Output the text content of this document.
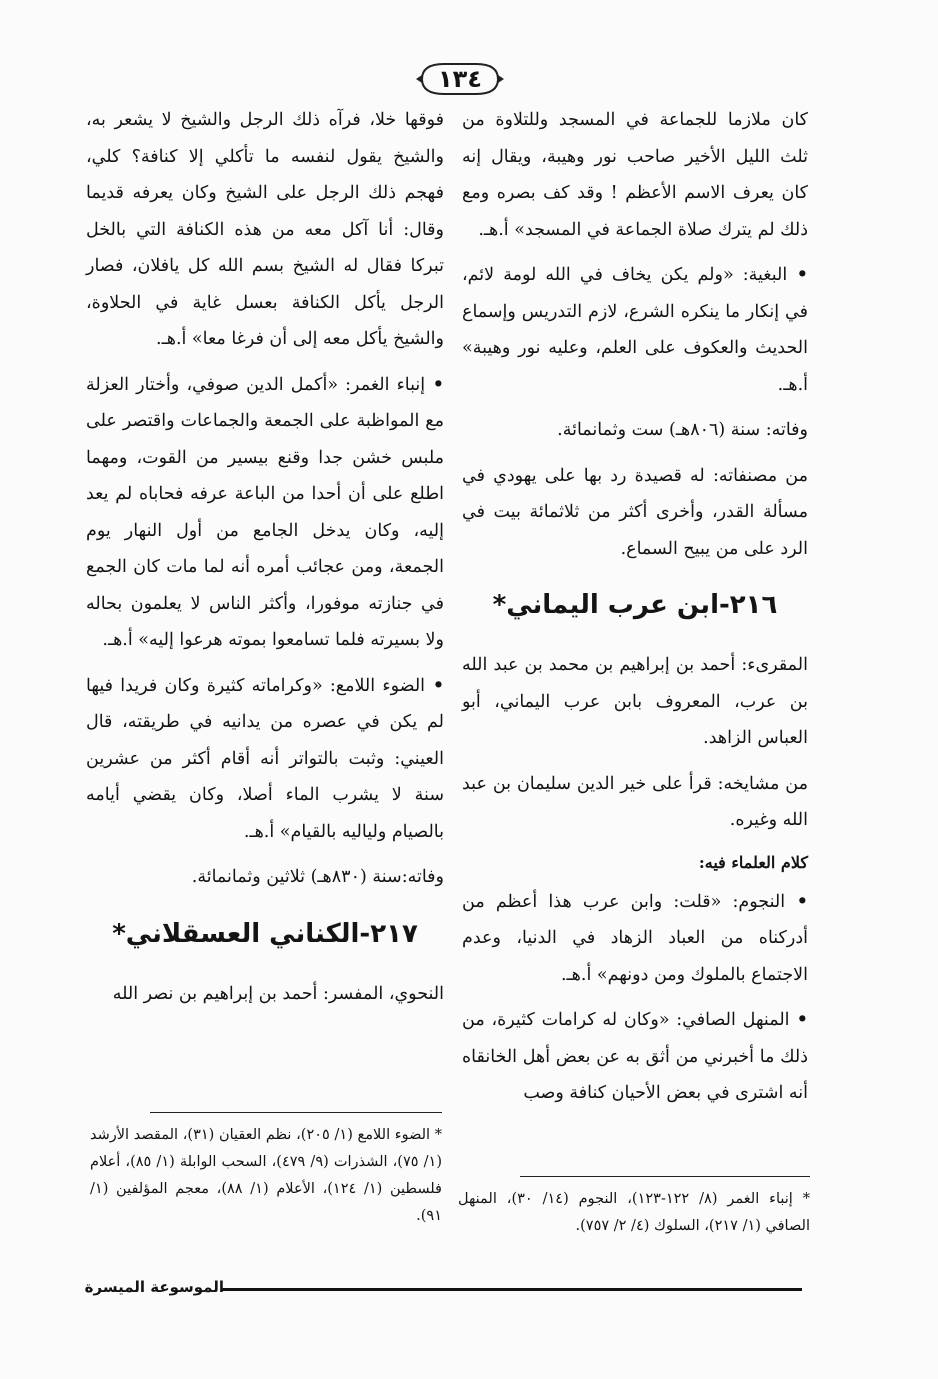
١٣٤

كان ملازما للجماعة في المسجد وللتلاوة من ثلث الليل الأخير صاحب نور وهيبة، ويقال إنه كان يعرف الاسم الأعظم ! وقد كف بصره ومع ذلك لم يترك صلاة الجماعة في المسجد» أ.هـ.

• البغية: «ولم يكن يخاف في الله لومة لائم، في إنكار ما ينكره الشرع، لازم التدريس وإسماع الحديث والعكوف على العلم، وعليه نور وهيبة» أ.هـ.

وفاته: سنة (٨٠٦هـ) ست وثمانمائة.

من مصنفاته: له قصيدة رد بها على يهودي في مسألة القدر، وأخرى أكثر من ثلاثمائة بيت في الرد على من يبيح السماع.

٢١٦-ابن عرب اليماني*

المقرىء: أحمد بن إبراهيم بن محمد بن عبد الله بن عرب، المعروف بابن عرب اليماني، أبو العباس الزاهد.

من مشايخه: قرأ على خير الدين سليمان بن عبد الله وغيره.

كلام العلماء فيه:

• النجوم: «قلت: وابن عرب هذا أعظم من أدركناه من العباد الزهاد في الدنيا، وعدم الاجتماع بالملوك ومن دونهم» أ.هـ.

• المنهل الصافي: «وكان له كرامات كثيرة، من ذلك ما أخبرني من أثق به عن بعض أهل الخانقاه أنه اشترى في بعض الأحيان كنافة وصب

فوقها خلا، فرآه ذلك الرجل والشيخ لا يشعر به، والشيخ يقول لنفسه ما تأكلي إلا كنافة؟ كلي، فهجم ذلك الرجل على الشيخ وكان يعرفه قديما وقال: أنا آكل معه من هذه الكنافة التي بالخل تبركا فقال له الشيخ بسم الله كل يافلان، فصار الرجل يأكل الكنافة بعسل غاية في الحلاوة، والشيخ يأكل معه إلى أن فرغا معا» أ.هـ.

• إنباء الغمر: «أكمل الدين صوفي، وأختار العزلة مع المواظبة على الجمعة والجماعات واقتصر على ملبس خشن جدا وقنع بيسير من القوت، ومهما اطلع على أن أحدا من الباعة عرفه فحاباه لم يعد إليه، وكان يدخل الجامع من أول النهار يوم الجمعة، ومن عجائب أمره أنه لما مات كان الجمع في جنازته موفورا، وأكثر الناس لا يعلمون بحاله ولا بسيرته فلما تسامعوا بموته هرعوا إليه» أ.هـ.

• الضوء اللامع: «وكراماته كثيرة وكان فريدا فيها لم يكن في عصره من يدانيه في طريقته، قال العيني: وثبت بالتواتر أنه أقام أكثر من عشرين سنة لا يشرب الماء أصلا، وكان يقضي أيامه بالصيام ولياليه بالقيام» أ.هـ.

وفاته:سنة (٨٣٠هـ) ثلاثين وثمانمائة.

٢١٧-الكناني العسقلاني*

النحوي، المفسر: أحمد بن إبراهيم بن نصر الله

* الضوء اللامع (١/ ٢٠٥)، نظم العقيان (٣١)، المقصد الأرشد (١/ ٧٥)، الشذرات (٩/ ٤٧٩)، السحب الوابلة (١/ ٨٥)، أعلام فلسطين (١/ ١٢٤)، الأعلام (١/ ٨٨)، معجم المؤلفين (١/ ٩١).
* إنباء الغمر (٨/ ١٢٢-١٢٣)، النجوم (١٤/ ٣٠)، المنهل الصافي (١/ ٢١٧)، السلوك (٤/ ٢/ ٧٥٧).
الموسوعة الميسرة
